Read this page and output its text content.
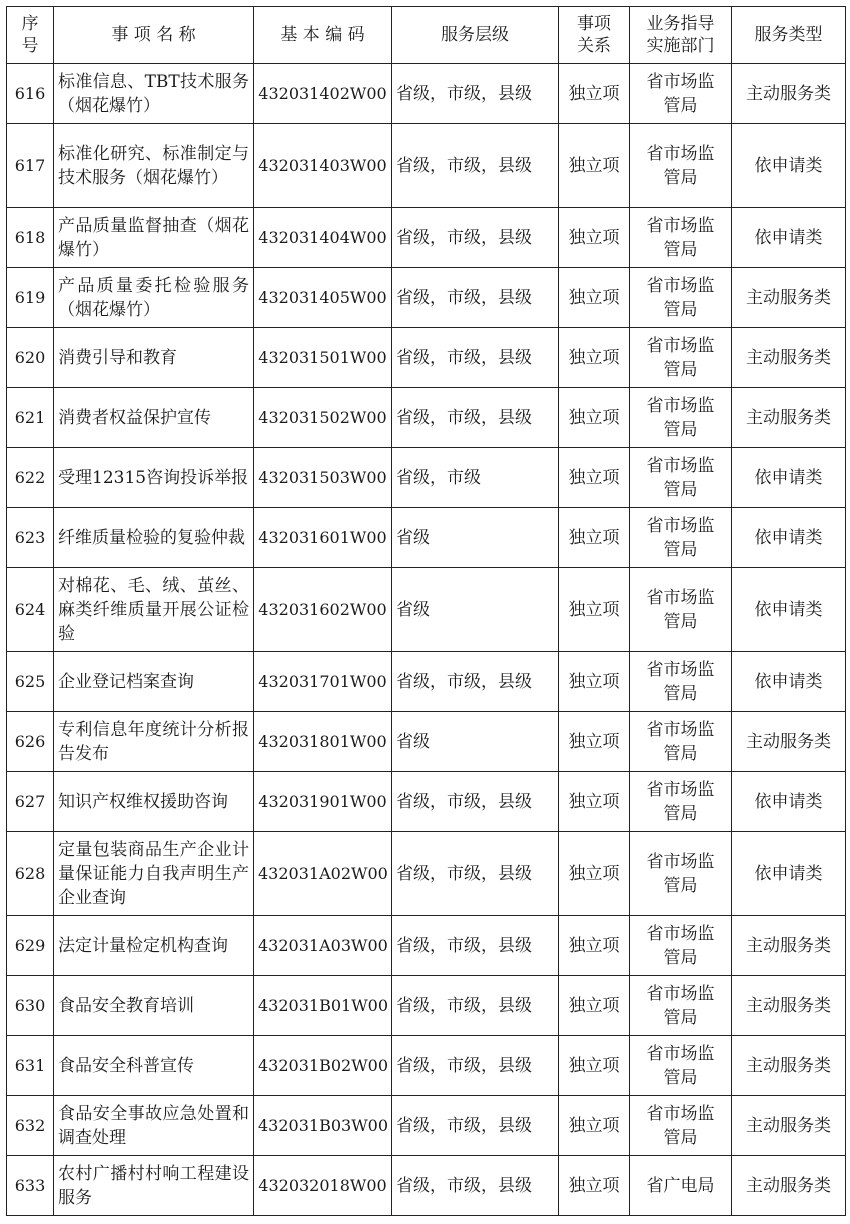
序号	事 项 名 称	基 本 编 码	服务层级	事项关系	业务指导实施部门	服务类型
616	标准信息、TBT技术服务（烟花爆竹）	432031402W00	省级，市级，县级	独立项	省市场监管局	主动服务类
617	标准化研究、标准制定与技术服务（烟花爆竹）	432031403W00	省级，市级，县级	独立项	省市场监管局	依申请类
618	产品质量监督抽查（烟花爆竹）	432031404W00	省级，市级，县级	独立项	省市场监管局	依申请类
619	产品质量委托检验服务（烟花爆竹）	432031405W00	省级，市级，县级	独立项	省市场监管局	主动服务类
620	消费引导和教育	432031501W00	省级，市级，县级	独立项	省市场监管局	主动服务类
621	消费者权益保护宣传	432031502W00	省级，市级，县级	独立项	省市场监管局	主动服务类
622	受理12315咨询投诉举报	432031503W00	省级，市级	独立项	省市场监管局	依申请类
623	纤维质量检验的复验仲裁	432031601W00	省级	独立项	省市场监管局	依申请类
624	对棉花、毛、绒、茧丝、麻类纤维质量开展公证检验	432031602W00	省级	独立项	省市场监管局	依申请类
625	企业登记档案查询	432031701W00	省级，市级，县级	独立项	省市场监管局	依申请类
626	专利信息年度统计分析报告发布	432031801W00	省级	独立项	省市场监管局	主动服务类
627	知识产权维权援助咨询	432031901W00	省级，市级，县级	独立项	省市场监管局	依申请类
628	定量包装商品生产企业计量保证能力自我声明生产企业查询	432031A02W00	省级，市级，县级	独立项	省市场监管局	依申请类
629	法定计量检定机构查询	432031A03W00	省级，市级，县级	独立项	省市场监管局	主动服务类
630	食品安全教育培训	432031B01W00	省级，市级，县级	独立项	省市场监管局	主动服务类
631	食品安全科普宣传	432031B02W00	省级，市级，县级	独立项	省市场监管局	主动服务类
632	食品安全事故应急处置和调查处理	432031B03W00	省级，市级，县级	独立项	省市场监管局	主动服务类
633	农村广播村村响工程建设服务	432032018W00	省级，市级，县级	独立项	省广电局	主动服务类
